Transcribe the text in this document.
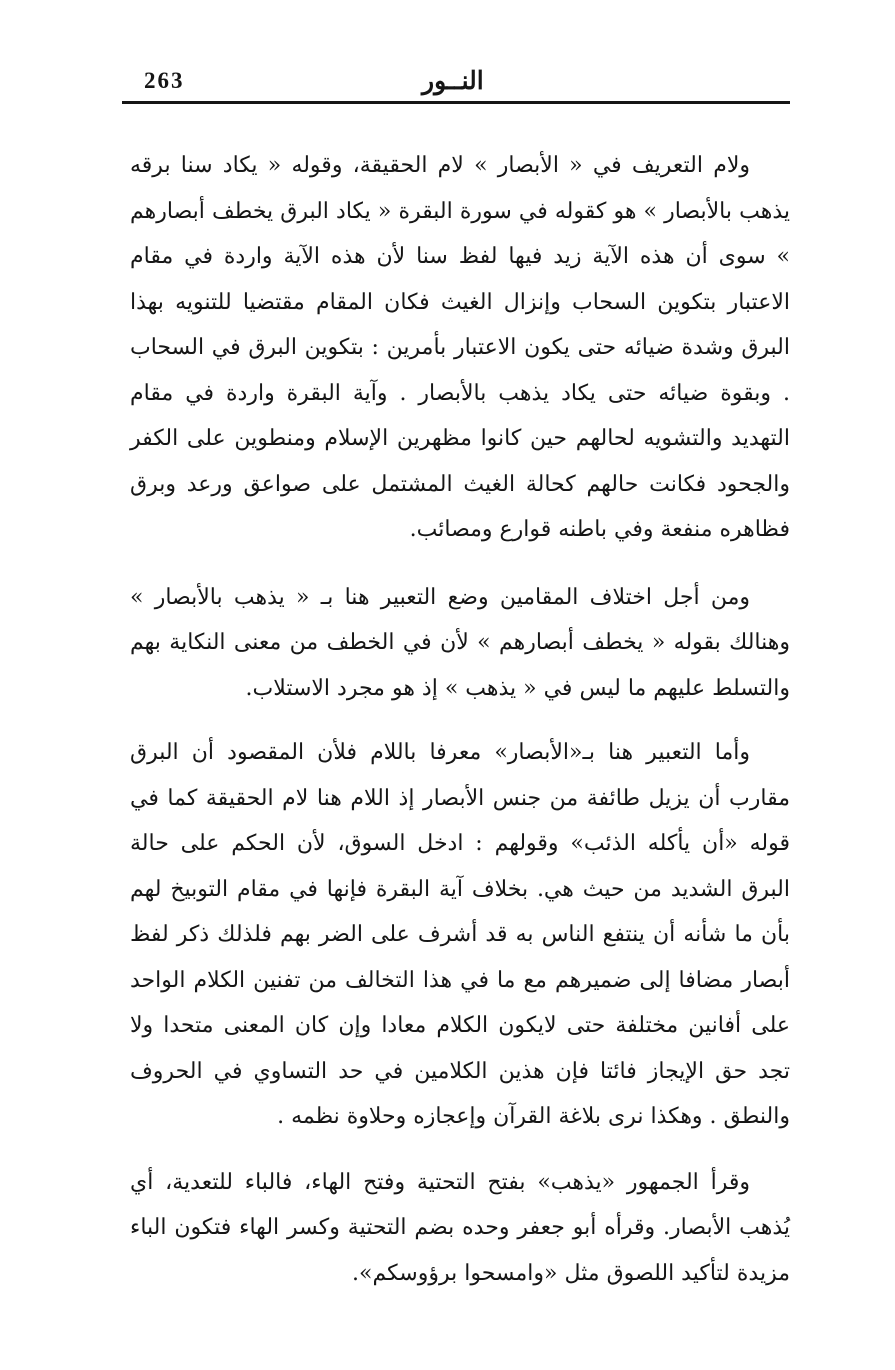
263	النــور

ولام التعريف في « الأبصار » لام الحقيقة، وقوله « يكاد سنا برقه يذهب بالأبصار » هو كقوله في سورة البقرة « يكاد البرق يخطف أبصارهم » سوى أن هذه الآية زيد فيها لفظ سنا لأن هذه الآية واردة في مقام الاعتبار بتكوين السحاب وإنزال الغيث فكان المقام مقتضيا للتنويه بهذا البرق وشدة ضيائه حتى يكون الاعتبار بأمرين : بتكوين البرق في السحاب . وبقوة ضيائه حتى يكاد يذهب بالأبصار . وآية البقرة واردة في مقام التهديد والتشويه لحالهم حين كانوا مظهرين الإسلام ومنطوين على الكفر والجحود فكانت حالهم كحالة الغيث المشتمل على صواعق ورعد وبرق فظاهره منفعة وفي باطنه قوارع ومصائب.

ومن أجل اختلاف المقامين وضع التعبير هنا بـ « يذهب بالأبصار » وهنالك بقوله « يخطف أبصارهم » لأن في الخطف من معنى النكاية بهم والتسلط عليهم ما ليس في « يذهب » إذ هو مجرد الاستلاب.

وأما التعبير هنا بـ«الأبصار» معرفا باللام فلأن المقصود أن البرق مقارب أن يزيل طائفة من جنس الأبصار إذ اللام هنا لام الحقيقة كما في قوله «أن يأكله الذئب» وقولهم : ادخل السوق، لأن الحكم على حالة البرق الشديد من حيث هي. بخلاف آية البقرة فإنها في مقام التوبيخ لهم بأن ما شأنه أن ينتفع الناس به قد أشرف على الضر بهم فلذلك ذكر لفظ أبصار مضافا إلى ضميرهم مع ما في هذا التخالف من تفنين الكلام الواحد على أفانين مختلفة حتى لايكون الكلام معادا وإن كان المعنى متحدا ولا تجد حق الإيجاز فائتا فإن هذين الكلامين في حد التساوي في الحروف والنطق . وهكذا نرى بلاغة القرآن وإعجازه وحلاوة نظمه .

وقرأ الجمهور «يذهب» بفتح التحتية وفتح الهاء، فالباء للتعدية، أي يُذهب الأبصار. وقرأه أبو جعفر وحده بضم التحتية وكسر الهاء فتكون الباء مزيدة لتأكيد اللصوق مثل «وامسحوا برؤوسكم».
